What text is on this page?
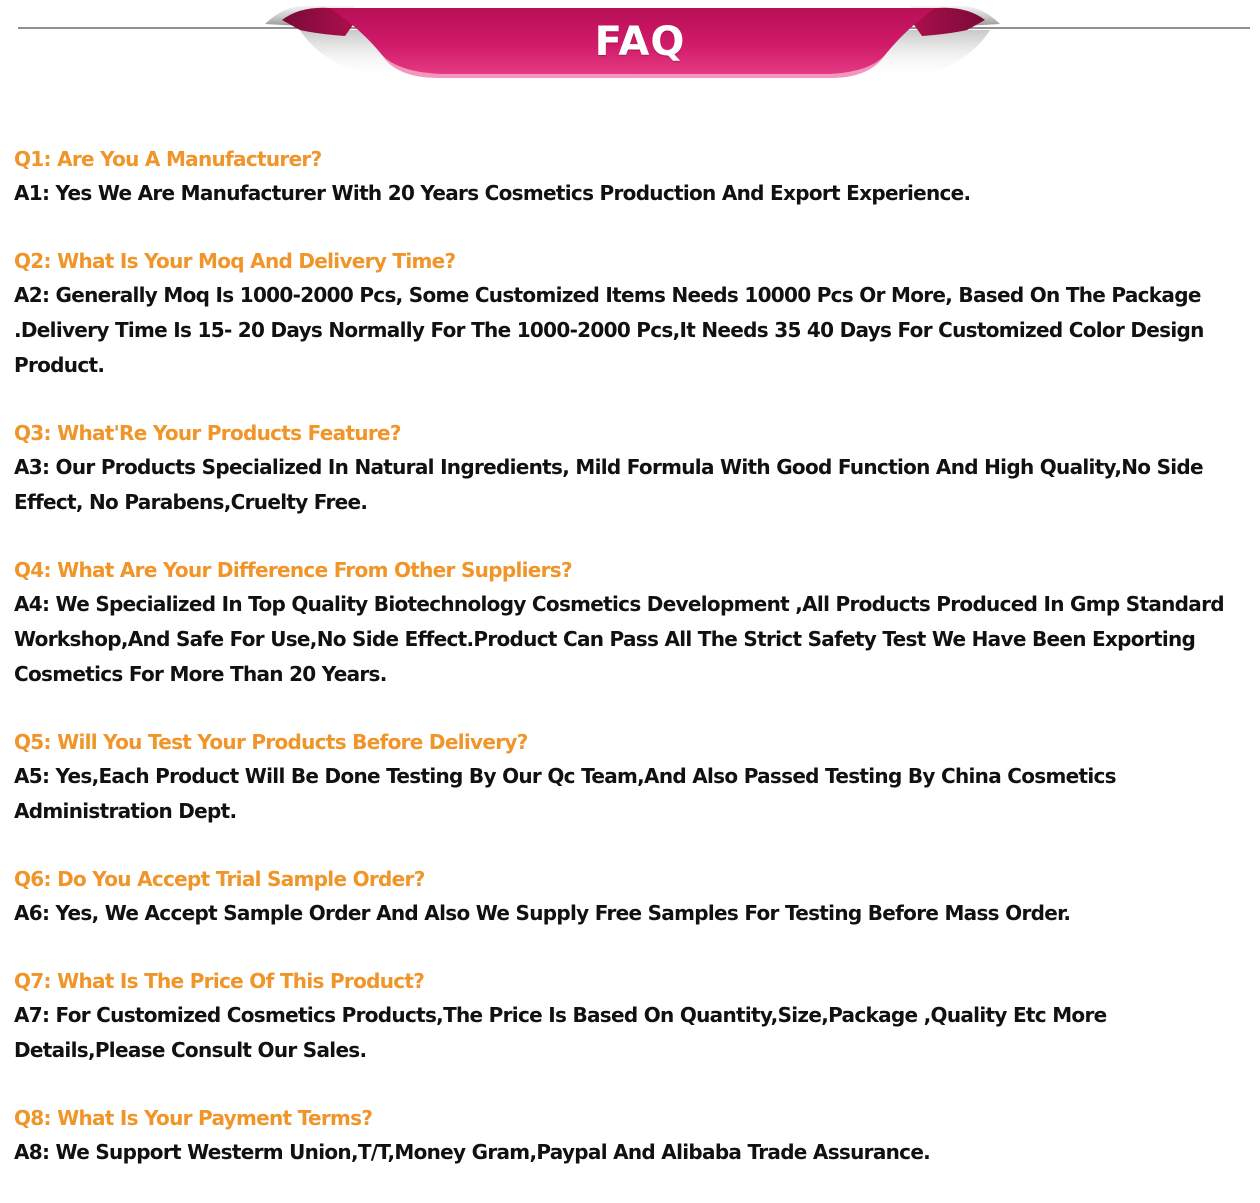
FAQ
Q1: Are You A Manufacturer?
A1: Yes We Are Manufacturer With 20 Years Cosmetics Production And Export Experience.
Q2: What Is Your Moq And Delivery Time?
A2: Generally Moq Is 1000-2000 Pcs, Some Customized Items Needs 10000 Pcs Or More, Based On The Package .Delivery Time Is 15- 20 Days Normally For The 1000-2000 Pcs,It Needs 35 40 Days For Customized Color Design Product.
Q3: What'Re Your Products Feature?
A3: Our Products Specialized In Natural Ingredients, Mild Formula With Good Function And High Quality,No Side Effect, No Parabens,Cruelty Free.
Q4: What Are Your Difference From Other Suppliers?
A4: We Specialized In Top Quality Biotechnology Cosmetics Development ,All Products Produced In Gmp Standard Workshop,And Safe For Use,No Side Effect.Product Can Pass All The Strict Safety Test We Have Been Exporting Cosmetics For More Than 20 Years.
Q5: Will You Test Your Products Before Delivery?
A5: Yes,Each Product Will Be Done Testing By Our Qc Team,And Also Passed Testing By China Cosmetics Administration Dept.
Q6: Do You Accept Trial Sample Order?
A6: Yes, We Accept Sample Order And Also We Supply Free Samples For Testing Before Mass Order.
Q7: What Is The Price Of This Product?
A7: For Customized Cosmetics Products,The Price Is Based On Quantity,Size,Package ,Quality Etc More Details,Please Consult Our Sales.
Q8: What Is Your Payment Terms?
A8: We Support Westerm Union,T/T,Money Gram,Paypal And Alibaba Trade Assurance.
